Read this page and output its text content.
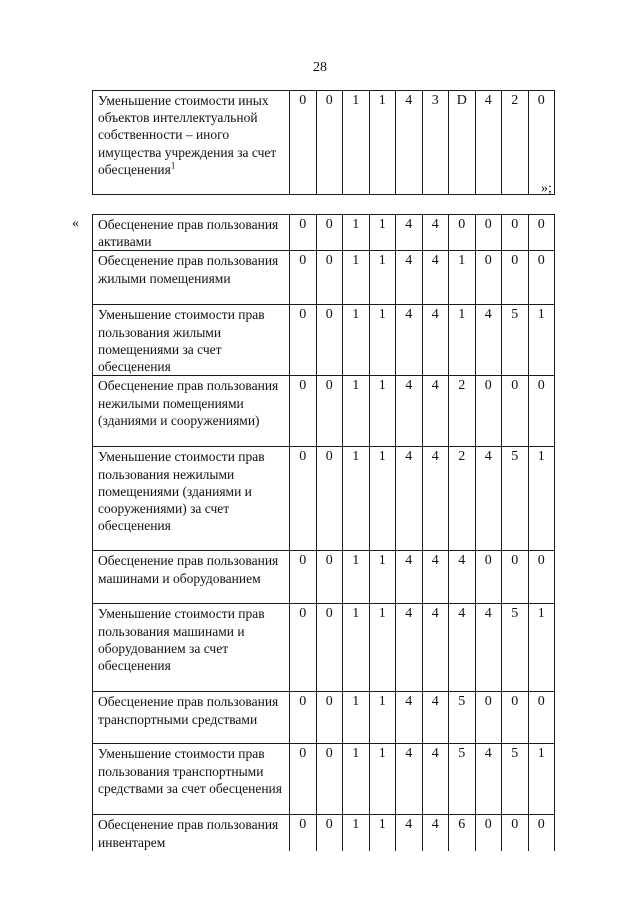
28
Уменьшение стоимости иных объектов интеллектуальной собственности – иного имущества учреждения за счет обесценения$^1$	0	0	1	1	4	3	D	4	2	0
»;
« Обесценение прав пользования активами	0	0	1	1	4	4	0	0	0	0
Обесценение прав пользования жилыми помещениями	0	0	1	1	4	4	1	0	0	0
Уменьшение стоимости прав пользования жилыми помещениями за счет обесценения	0	0	1	1	4	4	1	4	5	1
Обесценение прав пользования нежилыми помещениями (зданиями и сооружениями)	0	0	1	1	4	4	2	0	0	0
Уменьшение стоимости прав пользования нежилыми помещениями (зданиями и сооружениями) за счет обесценения	0	0	1	1	4	4	2	4	5	1
Обесценение прав пользования машинами и оборудованием	0	0	1	1	4	4	4	0	0	0
Уменьшение стоимости прав пользования машинами и оборудованием за счет обесценения	0	0	1	1	4	4	4	4	5	1
Обесценение прав пользования транспортными средствами	0	0	1	1	4	4	5	0	0	0
Уменьшение стоимости прав пользования транспортными средствами за счет обесценения	0	0	1	1	4	4	5	4	5	1
Обесценение прав пользования инвентарем	0	0	1	1	4	4	6	0	0	0
